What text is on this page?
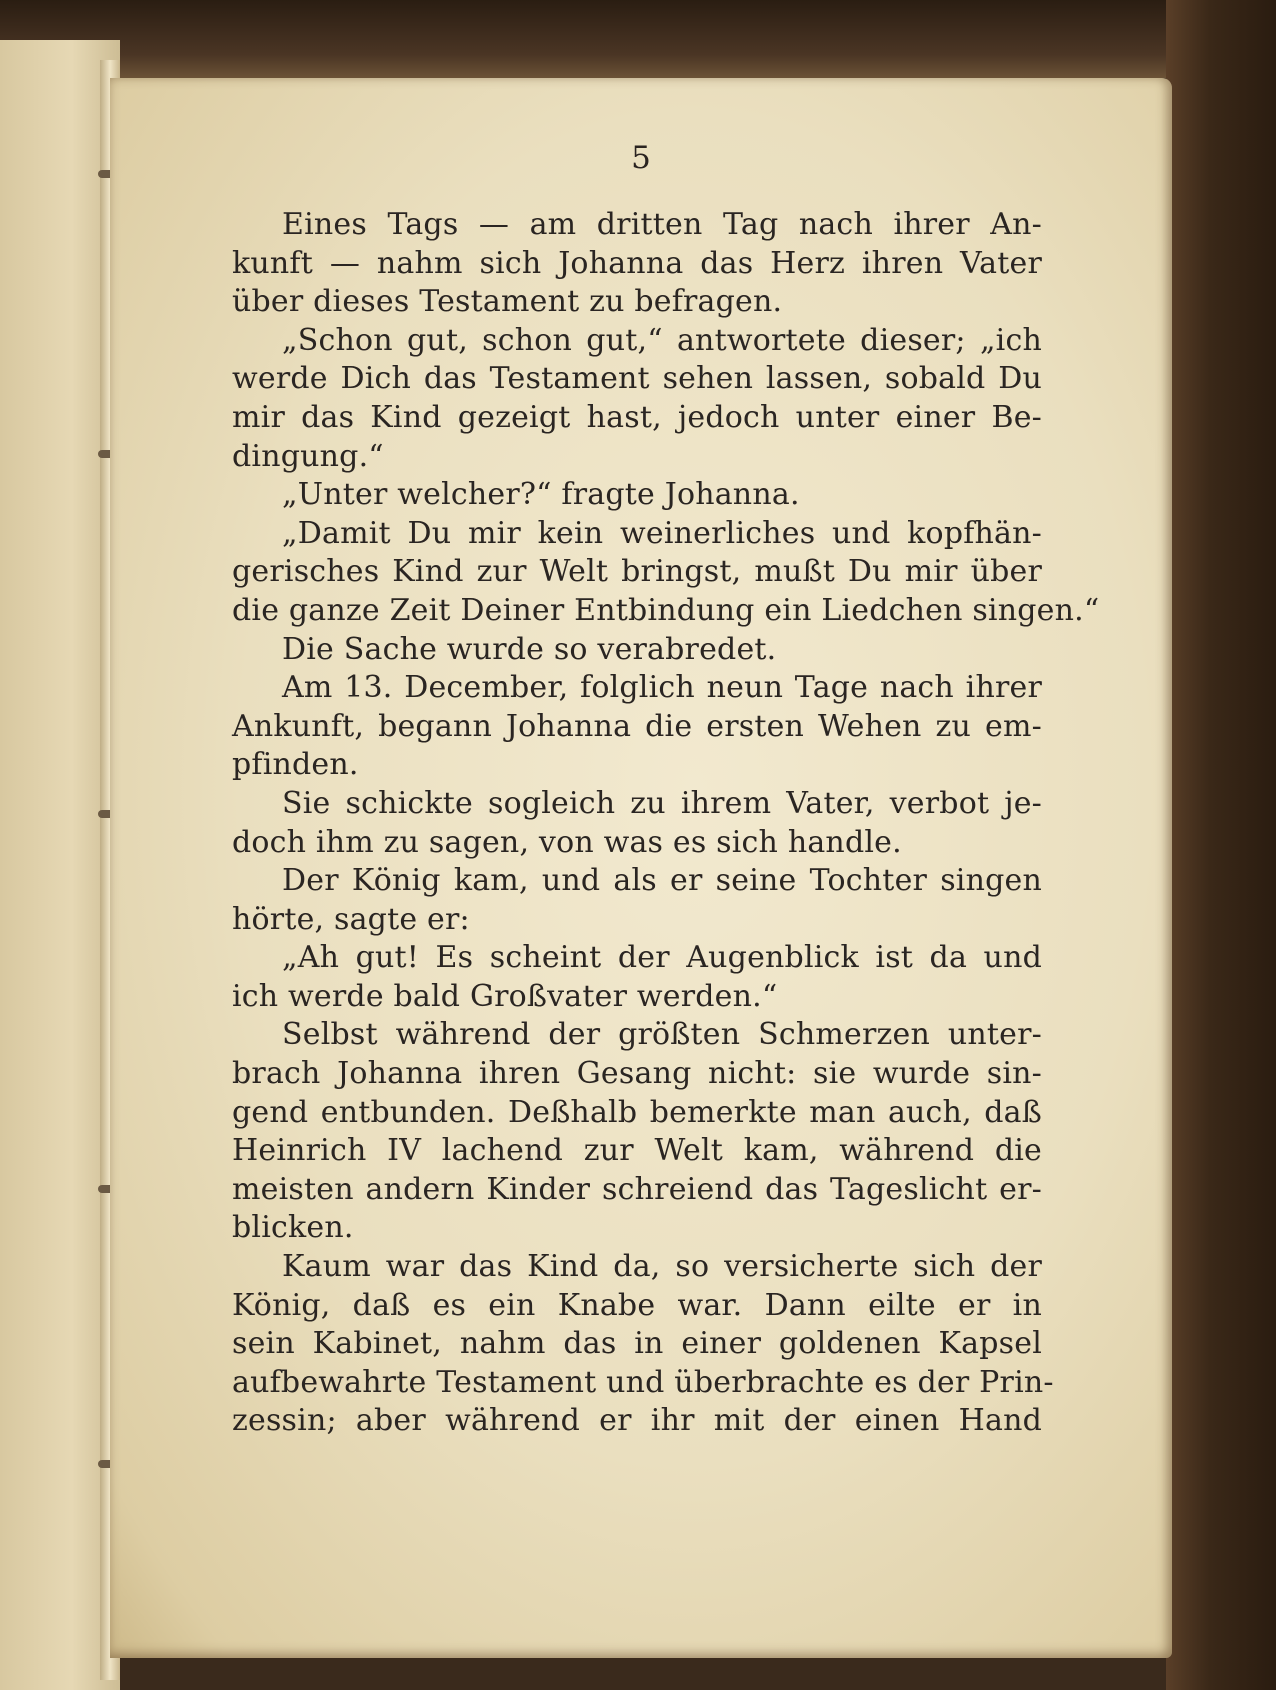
5
Eines Tags — am dritten Tag nach ihrer An-
kunft — nahm sich Johanna das Herz ihren Vater
über dieses Testament zu befragen.
„Schon gut, schon gut,“ antwortete dieser; „ich
werde Dich das Testament sehen lassen, sobald Du
mir das Kind gezeigt hast, jedoch unter einer Be-
dingung.“
„Unter welcher?“ fragte Johanna.
„Damit Du mir kein weinerliches und kopfhän-
gerisches Kind zur Welt bringst, mußt Du mir über
die ganze Zeit Deiner Entbindung ein Liedchen singen.“
Die Sache wurde so verabredet.
Am 13. December, folglich neun Tage nach ihrer
Ankunft, begann Johanna die ersten Wehen zu em-
pfinden.
Sie schickte sogleich zu ihrem Vater, verbot je-
doch ihm zu sagen, von was es sich handle.
Der König kam, und als er seine Tochter singen
hörte, sagte er:
„Ah gut! Es scheint der Augenblick ist da und
ich werde bald Großvater werden.“
Selbst während der größten Schmerzen unter-
brach Johanna ihren Gesang nicht: sie wurde sin-
gend entbunden. Deßhalb bemerkte man auch, daß
Heinrich IV lachend zur Welt kam, während die
meisten andern Kinder schreiend das Tageslicht er-
blicken.
Kaum war das Kind da, so versicherte sich der
König, daß es ein Knabe war. Dann eilte er in
sein Kabinet, nahm das in einer goldenen Kapsel
aufbewahrte Testament und überbrachte es der Prin-
zessin; aber während er ihr mit der einen Hand
